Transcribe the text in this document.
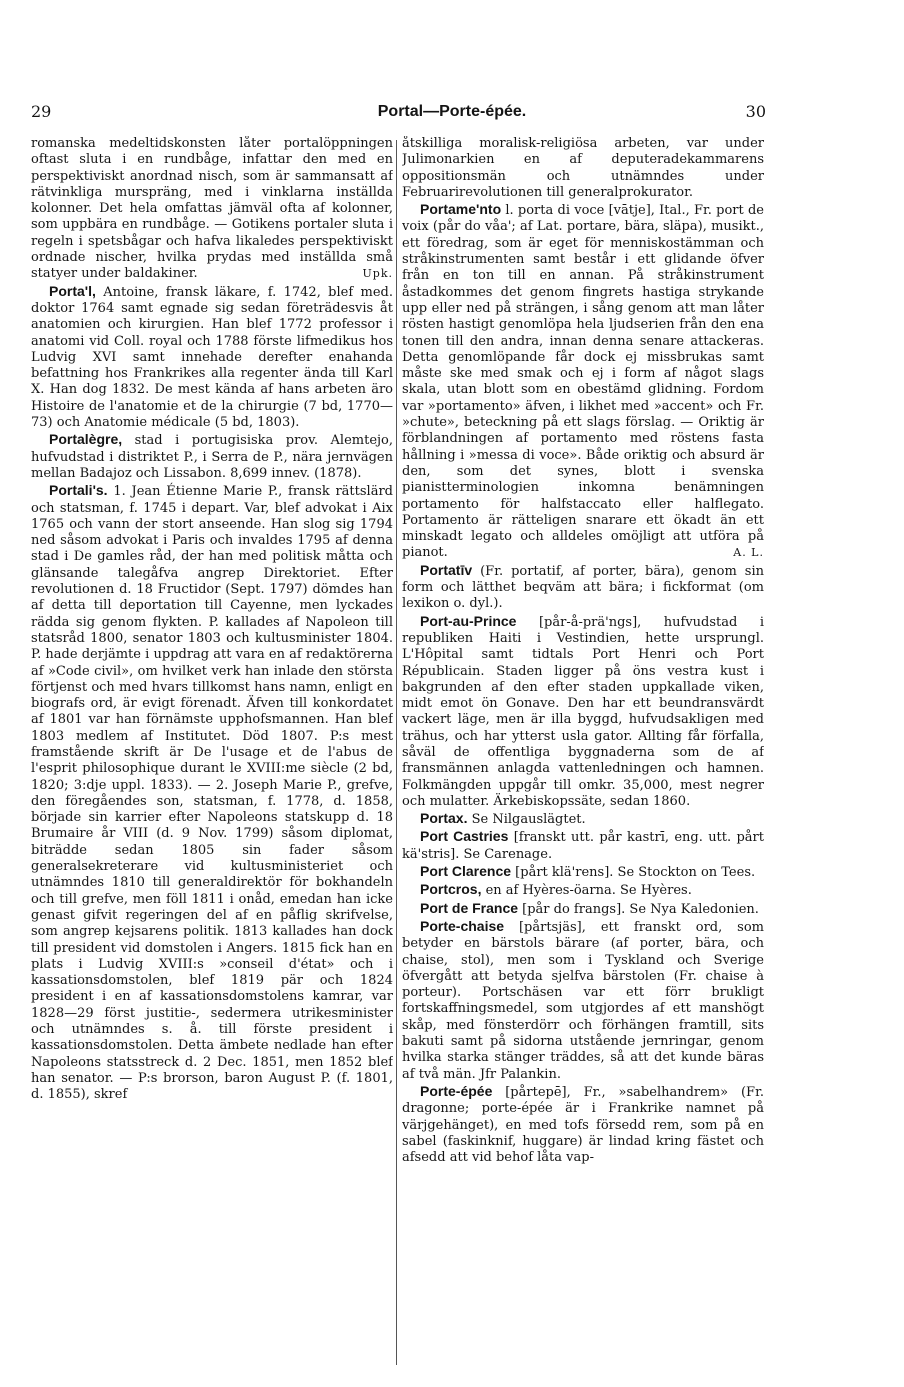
29	Portal—Porte-épée.	30

romanska medeltidskonsten låter portalöppningen oftast sluta i en rundbåge, infattar den med en perspektiviskt anordnad nisch, som är sammansatt af rätvinkliga murspräng, med i vinklarna inställda kolonner. Det hela omfattas jämväl ofta af kolonner, som uppbära en rundbåge. — Gotikens portaler sluta i regeln i spetsbågar och hafva likaledes perspektiviskt ordnade nischer, hvilka prydas med inställda små statyer under baldakiner.	Upk.

Porta'l, Antoine, fransk läkare, f. 1742, blef med. doktor 1764 samt egnade sig sedan företrädesvis åt anatomien och kirurgien. Han blef 1772 professor i anatomi vid Coll. royal och 1788 förste lifmedikus hos Ludvig XVI samt innehade derefter enahanda befattning hos Frankrikes alla regenter ända till Karl X. Han dog 1832. De mest kända af hans arbeten äro Histoire de l'anatomie et de la chirurgie (7 bd, 1770—73) och Anatomie médicale (5 bd, 1803).

Portalègre, stad i portugisiska prov. Alemtejo, hufvudstad i distriktet P., i Serra de P., nära jernvägen mellan Badajoz och Lissabon. 8,699 innev. (1878).

Portali's. 1. Jean Étienne Marie P., fransk rättslärd och statsman, f. 1745 i depart. Var, blef advokat i Aix 1765 och vann der stort anseende. Han slog sig 1794 ned såsom advokat i Paris och invaldes 1795 af denna stad i De gamles råd, der han med politisk måtta och glänsande talegåfva angrep Direktoriet. Efter revolutionen d. 18 Fructidor (Sept. 1797) dömdes han af detta till deportation till Cayenne, men lyckades rädda sig genom flykten. P. kallades af Napoleon till statsråd 1800, senator 1803 och kultusminister 1804. P. hade derjämte i uppdrag att vara en af redaktörerna af »Code civil», om hvilket verk han inlade den största förtjenst och med hvars tillkomst hans namn, enligt en biografs ord, är evigt förenadt. Äfven till konkordatet af 1801 var han förnämste upphofsmannen. Han blef 1803 medlem af Institutet. Död 1807. P:s mest framstående skrift är De l'usage et de l'abus de l'esprit philosophique durant le XVIII:me siècle (2 bd, 1820; 3:dje uppl. 1833). — 2. Joseph Marie P., grefve, den föregåendes son, statsman, f. 1778, d. 1858, började sin karrier efter Napoleons statskupp d. 18 Brumaire år VIII (d. 9 Nov. 1799) såsom diplomat, biträdde sedan 1805 sin fader såsom generalsekreterare vid kultusministeriet och utnämndes 1810 till generaldirektör för bokhandeln och till grefve, men föll 1811 i onåd, emedan han icke genast gifvit regeringen del af en påflig skrifvelse, som angrep kejsarens politik. 1813 kallades han dock till president vid domstolen i Angers. 1815 fick han en plats i Ludvig XVIII:s »conseil d'état» och i kassationsdomstolen, blef 1819 pär och 1824 president i en af kassationsdomstolens kamrar, var 1828—29 först justitie-, sedermera utrikesminister och utnämndes s. å. till förste president i kassationsdomstolen. Detta ämbete nedlade han efter Napoleons statsstreck d. 2 Dec. 1851, men 1852 blef han senator. — P:s brorson, baron August P. (f. 1801, d. 1855), skref

åtskilliga moralisk-religiösa arbeten, var under Julimonarkien en af deputeradekammarens oppositionsmän och utnämndes under Februarirevolutionen till generalprokurator.

Portame'nto l. porta di voce [vātje], Ital., Fr. port de voix (pår do våa'; af Lat. portare, bära, släpa), musikt., ett föredrag, som är eget för menniskostämman och stråkinstrumenten samt består i ett glidande öfver från en ton till en annan. På stråkinstrument åstadkommes det genom fingrets hastiga strykande upp eller ned på strängen, i sång genom att man låter rösten hastigt genomlöpa hela ljudserien från den ena tonen till den andra, innan denna senare attackeras. Detta genomlöpande får dock ej missbrukas samt måste ske med smak och ej i form af något slags skala, utan blott som en obestämd glidning. Fordom var »portamento» äfven, i likhet med »accent» och Fr. »chute», beteckning på ett slags förslag. — Oriktig är förblandningen af portamento med röstens fasta hållning i »messa di voce». Både oriktig och absurd är den, som det synes, blott i svenska pianistterminologien inkomna benämningen portamento för halfstaccato eller halflegato. Portamento är rätteligen snarare ett ökadt än ett minskadt legato och alldeles omöjligt att utföra på pianot.	A. L.

Portatīv (Fr. portatif, af porter, bära), genom sin form och lätthet beqväm att bära; i fickformat (om lexikon o. dyl.).

Port-au-Prince [pår-å-prä'ngs], hufvudstad i republiken Haiti i Vestindien, hette ursprungl. L'Hôpital samt tidtals Port Henri och Port Républicain. Staden ligger på öns vestra kust i bakgrunden af den efter staden uppkallade viken, midt emot ön Gonave. Den har ett beundransvärdt vackert läge, men är illa byggd, hufvudsakligen med trähus, och har ytterst usla gator. Allting får förfalla, såväl de offentliga byggnaderna som de af fransmännen anlagda vattenledningen och hamnen. Folkmängden uppgår till omkr. 35,000, mest negrer och mulatter. Ärkebiskopssäte, sedan 1860.

Portax. Se Nilgauslägtet.

Port Castries [franskt utt. pår kastrī, eng. utt. pårt kä'stris]. Se Carenage.

Port Clarence [pårt klä'rens]. Se Stockton on Tees.

Portcros, en af Hyères-öarna. Se Hyères.

Port de France [pår do frangs]. Se Nya Kaledonien.

Porte-chaise [pårtsjäs], ett franskt ord, som betyder en bärstols bärare (af porter, bära, och chaise, stol), men som i Tyskland och Sverige öfvergått att betyda sjelfva bärstolen (Fr. chaise à porteur). Portschäsen var ett förr brukligt fortskaffningsmedel, som utgjordes af ett manshögt skåp, med fönsterdörr och förhängen framtill, sits bakuti samt på sidorna utstående jernringar, genom hvilka starka stänger träddes, så att det kunde bäras af två män. Jfr Palankin.

Porte-épée [pårtepē], Fr., »sabelhandrem» (Fr. dragonne; porte-épée är i Frankrike namnet på värjgehänget), en med tofs försedd rem, som på en sabel (faskinknif, huggare) är lindad kring fästet och afsedd att vid behof låta vap-
